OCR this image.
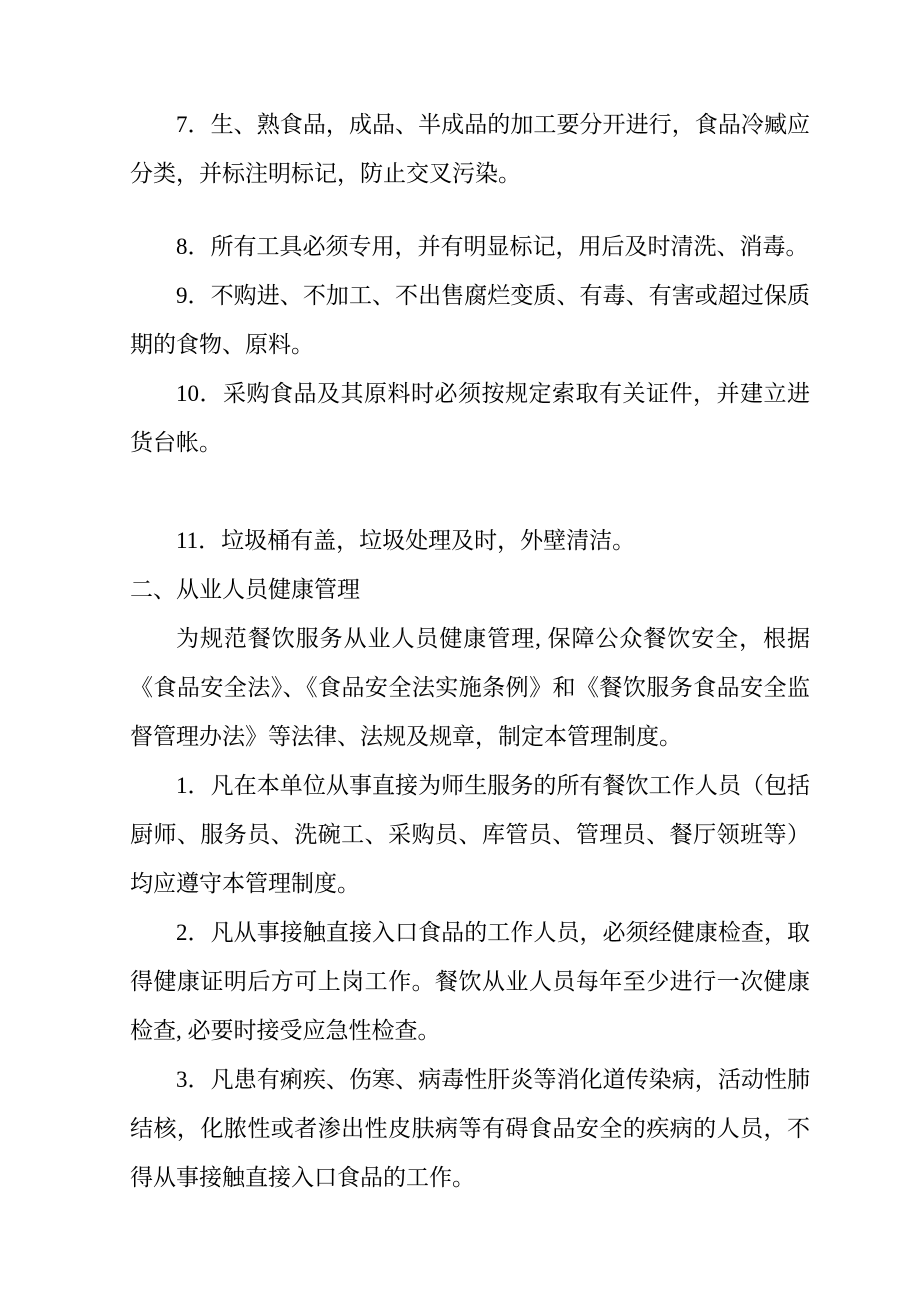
7．生、熟食品，成品、半成品的加工要分开进行，食品冷臧应分类，并标注明标记，防止交叉污染。

8．所有工具必须专用，并有明显标记，用后及时清洗、消毒。

9．不购进、不加工、不出售腐烂变质、有毒、有害或超过保质期的食物、原料。

10．采购食品及其原料时必须按规定索取有关证件，并建立进货台帐。

11．垃圾桶有盖，垃圾处理及时，外壁清洁。

二、从业人员健康管理

为规范餐饮服务从业人员健康管理, 保障公众餐饮安全，根据《食品安全法》、《食品安全法实施条例》和《餐饮服务食品安全监督管理办法》等法律、法规及规章，制定本管理制度。

1．凡在本单位从事直接为师生服务的所有餐饮工作人员（包括厨师、服务员、洗碗工、采购员、库管员、管理员、餐厅领班等）均应遵守本管理制度。

2．凡从事接触直接入口食品的工作人员，必须经健康检查，取得健康证明后方可上岗工作。餐饮从业人员每年至少进行一次健康检查, 必要时接受应急性检查。

3．凡患有痢疾、伤寒、病毒性肝炎等消化道传染病，活动性肺结核，化脓性或者渗出性皮肤病等有碍食品安全的疾病的人员，不得从事接触直接入口食品的工作。
